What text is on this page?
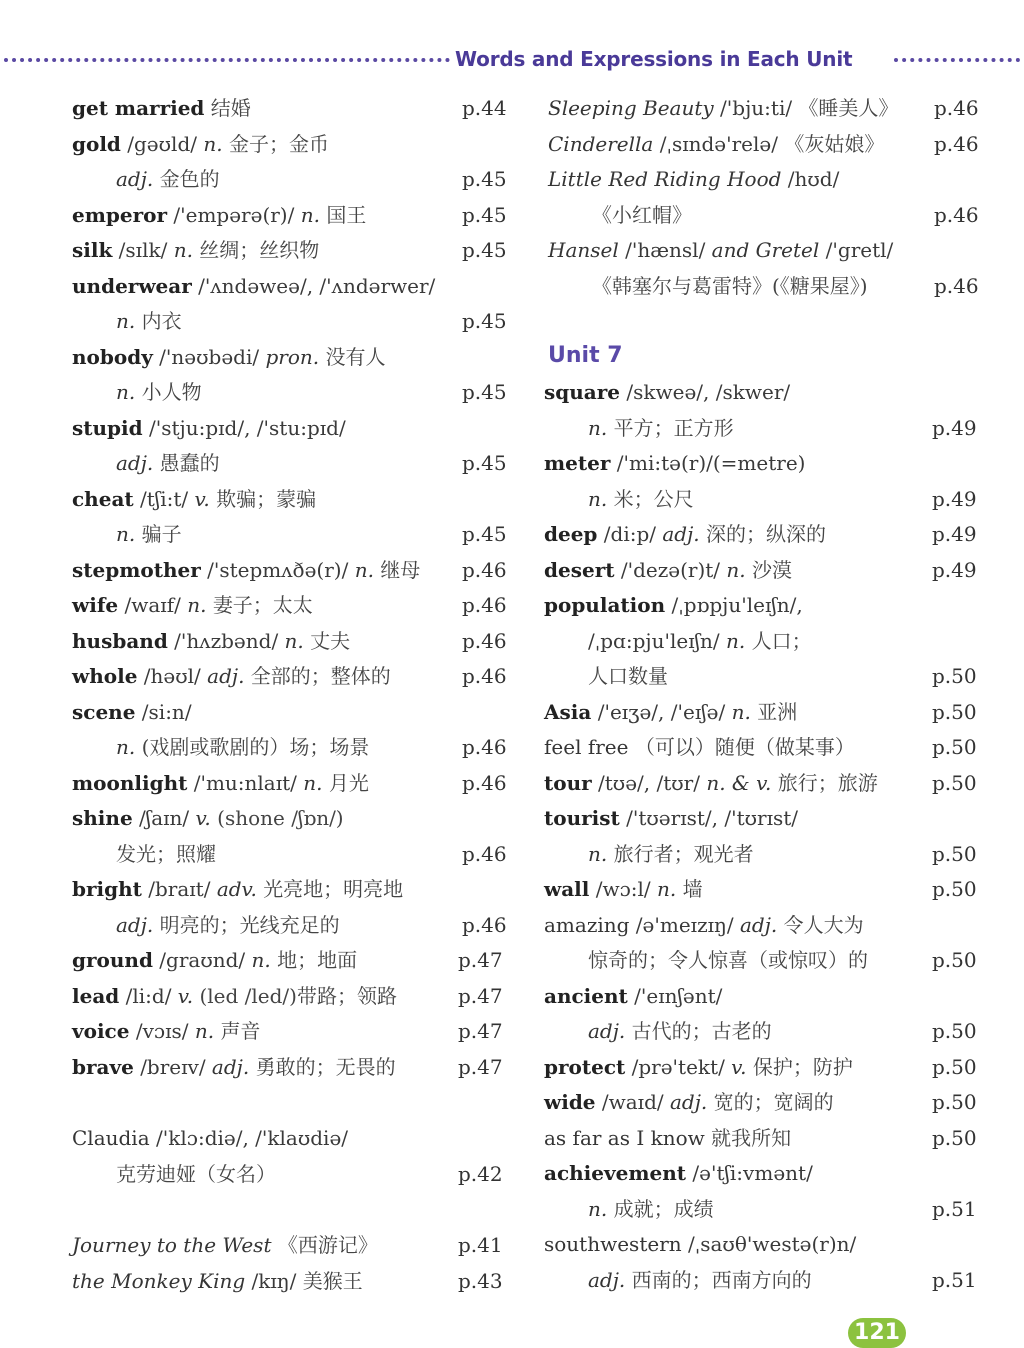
Words and Expressions in Each Unit
get married 结婚	p.44
gold /gəʊld/ n. 金子；金币
adj. 金色的	p.45
emperor /'empərə(r)/ n. 国王	p.45
silk /sɪlk/ n. 丝绸；丝织物	p.45
underwear /'ʌndəweə/, /'ʌndərwer/
n. 内衣	p.45
nobody /'nəʊbədi/ pron. 没有人
n. 小人物	p.45
stupid /'stju:pɪd/, /'stu:pɪd/
adj. 愚蠢的	p.45
cheat /tʃi:t/ v. 欺骗；蒙骗
n. 骗子	p.45
stepmother /'stepmʌðə(r)/ n. 继母 p.46
wife /waɪf/ n. 妻子；太太	p.46
husband /'hʌzbənd/ n. 丈夫	p.46
whole /həʊl/ adj. 全部的；整体的	p.46
scene /si:n/
n. (戏剧或歌剧的）场；场景	p.46
moonlight /'mu:nlaɪt/ n. 月光	p.46
shine /ʃaɪn/ v. (shone /ʃɒn/)
发光；照耀	p.46
bright /braɪt/ adv. 光亮地；明亮地
adj. 明亮的；光线充足的	p.46
ground /graʊnd/ n. 地；地面	p.47
lead /li:d/ v. (led /led/)带路；领路	p.47
voice /vɔɪs/ n. 声音	p.47
brave /breɪv/ adj. 勇敢的；无畏的	p.47
Claudia /'klɔ:diə/, /'klaʊdiə/
克劳迪娅（女名）	p.42
Journey to the West 《西游记》	p.41
the Monkey King /kɪŋ/ 美猴王	p.43
Sleeping Beauty /'bju:ti/ 《睡美人》 p.46
Cinderella /ˌsɪndə'relə/ 《灰姑娘》 p.46
Little Red Riding Hood /hʊd/
《小红帽》	p.46
Hansel /'hænsl/ and Gretel /'gretl/
《韩塞尔与葛雷特》(《糖果屋》)	p.46
square /skweə/, /skwer/
n. 平方；正方形	p.49
meter /'mi:tə(r)/(=metre)
n. 米；公尺	p.49
deep /di:p/ adj. 深的；纵深的	p.49
desert /'dezə(r)t/ n. 沙漠	p.49
population /ˌpɒpju'leɪʃn/,
/ˌpɑ:pju'leɪʃn/ n. 人口；
人口数量	p.50
Asia /'eɪʒə/, /'eɪʃə/ n. 亚洲	p.50
feel free （可以）随便（做某事）	p.50
tour /tʊə/, /tʊr/ n. & v. 旅行；旅游	p.50
tourist /'tʊərɪst/, /'tʊrɪst/
n. 旅行者；观光者	p.50
wall /wɔ:l/ n. 墙	p.50
amazing /ə'meɪzɪŋ/ adj. 令人大为
惊奇的；令人惊喜（或惊叹）的	p.50
ancient /'eɪnʃənt/
adj. 古代的；古老的	p.50
protect /prə'tekt/ v. 保护；防护	p.50
wide /waɪd/ adj. 宽的；宽阔的	p.50
as far as I know 就我所知	p.50
achievement /ə'tʃi:vmənt/
n. 成就；成绩	p.51
southwestern /ˌsaʊθ'westə(r)n/
adj. 西南的；西南方向的	p.51
Unit 7
121
